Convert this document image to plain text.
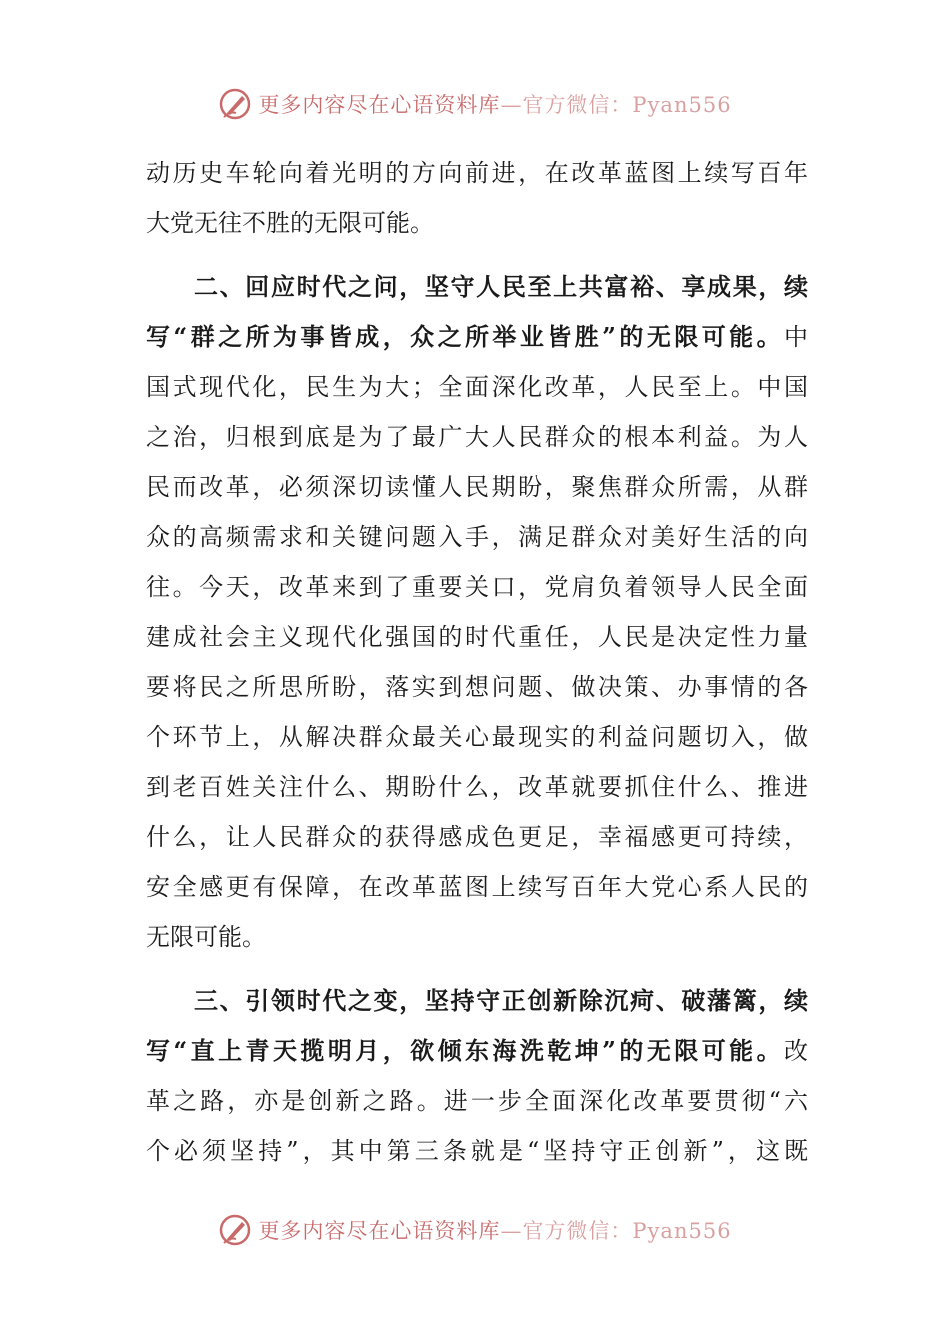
更多内容尽在心语资料库—官方微信：Pyan556
动历史车轮向着光明的方向前进，在改革蓝图上续写百年
大党无往不胜的无限可能。
二、回应时代之问，坚守人民至上共富裕、享成果，续
写“群之所为事皆成，众之所举业皆胜”的无限可能。中
国式现代化，民生为大；全面深化改革，人民至上。中国
之治，归根到底是为了最广大人民群众的根本利益。为人
民而改革，必须深切读懂人民期盼，聚焦群众所需，从群
众的高频需求和关键问题入手，满足群众对美好生活的向
往。今天，改革来到了重要关口，党肩负着领导人民全面
建成社会主义现代化强国的时代重任，人民是决定性力量
要将民之所思所盼，落实到想问题、做决策、办事情的各
个环节上，从解决群众最关心最现实的利益问题切入，做
到老百姓关注什么、期盼什么，改革就要抓住什么、推进
什么，让人民群众的获得感成色更足，幸福感更可持续，
安全感更有保障，在改革蓝图上续写百年大党心系人民的
无限可能。
三、引领时代之变，坚持守正创新除沉疴、破藩篱，续
写“直上青天揽明月，欲倾东海洗乾坤”的无限可能。改
革之路，亦是创新之路。进一步全面深化改革要贯彻“六
个必须坚持”，其中第三条就是“坚持守正创新”，这既
更多内容尽在心语资料库—官方微信：Pyan556
